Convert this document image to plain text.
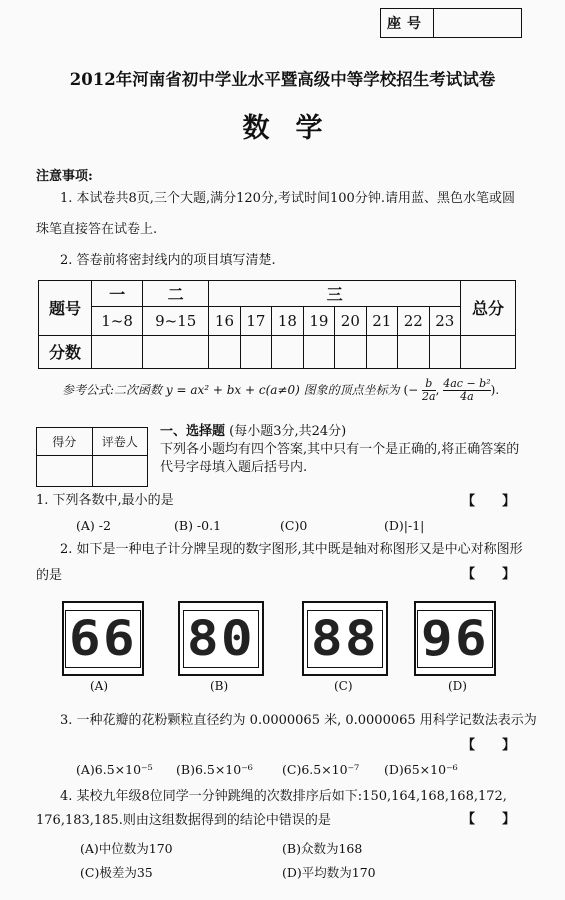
座号
2012年河南省初中学业水平暨高级中等学校招生考试试卷
数学
注意事项:
1. 本试卷共8页,三个大题,满分120分,考试时间100分钟.请用蓝、黑色水笔或圆
珠笔直接答在试卷上.
2. 答卷前将密封线内的项目填写清楚.
题号	一	二	三								总分
	1~8	9~15	16	17	18	19	20	21	22	23	
分数											
参考公式:二次函数 y = ax² + bx + c(a≠0) 图象的顶点坐标为 (− $\frac{b}{2a}$ , $\frac{\text{4ac − b²}}{4a}$ ).
得分	评卷人

一、选择题 (每小题3分,共24分)
下列各小题均有四个答案,其中只有一个是正确的,将正确答案的代号字母填入题后括号内.
1. 下列各数中,最小的是	【      】
(A) -2	(B) -0.1	(C)0	(D)|-1|
2. 如下是一种电子计分牌呈现的数字图形,其中既是轴对称图形又是中心对称图形
的是	【      】
66 80 88 96
(A)	(B)	(C)	(D)
3. 一种花瓣的花粉颗粒直径约为 0.0000065 米, 0.0000065 用科学记数法表示为
【      】
(A)6.5×10⁻⁵ (B)6.5×10⁻⁶ (C)6.5×10⁻⁷ (D)65×10⁻⁶
4. 某校九年级8位同学一分钟跳绳的次数排序后如下:150,164,168,168,172,
176,183,185.则由这组数据得到的结论中错误的是	【      】
(A)中位数为170	(B)众数为168
(C)极差为35	(D)平均数为170
